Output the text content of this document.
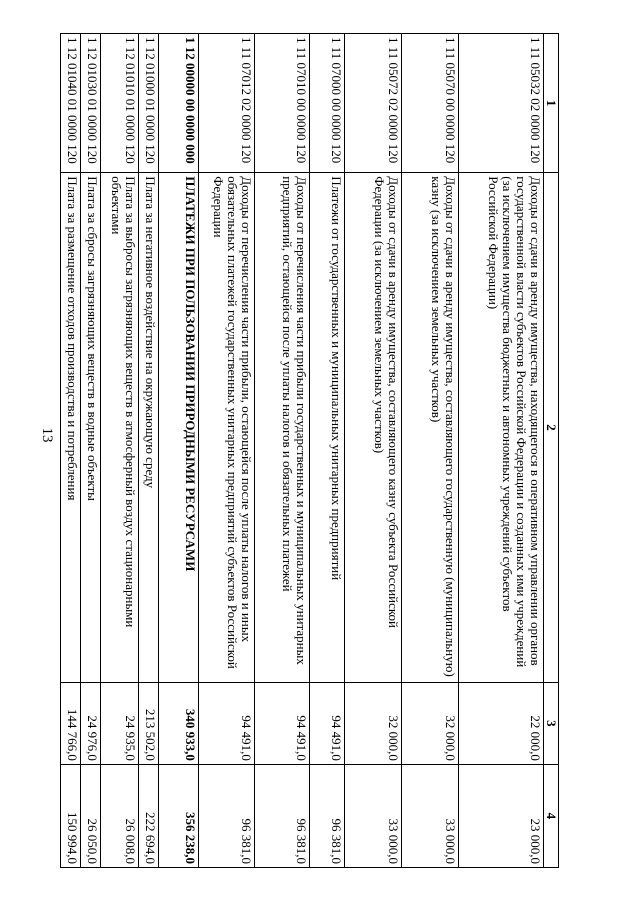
13
1	2	3	4
1 11 05032 02 0000 120	Доходы от сдачи в аренду имущества, находящегося в оперативном управлении органов государственной власти субъектов Российской Федерации и созданных ими учреждений (за исключением имущества бюджетных и автономных учреждений субъектов Российской Федерации)	22 000,0	23 000,0
1 11 05070 00 0000 120	Доходы от сдачи в аренду имущества, составляющего государственную (муниципальную) казну (за исключением земельных участков)	32 000,0	33 000,0
1 11 05072 02 0000 120	Доходы от сдачи в аренду имущества, составляющего казну субъекта Российской Федерации (за исключением земельных участков)	32 000,0	33 000,0
1 11 07000 00 0000 120	Платежи от государственных и муниципальных унитарных предприятий	94 491,0	96 381,0
1 11 07010 00 0000 120	Доходы от перечисления части прибыли государственных и муниципальных унитарных предприятий, остающейся после уплаты налогов и обязательных платежей	94 491,0	96 381,0
1 11 07012 02 0000 120	Доходы от перечисления части прибыли, остающейся после уплаты налогов и иных обязательных платежей государственных унитарных предприятий субъектов Российской Федерации	94 491,0	96 381,0
1 12 00000 00 0000 000	ПЛАТЕЖИ ПРИ ПОЛЬЗОВАНИИ ПРИРОДНЫМИ РЕСУРСАМИ	340 933,0	356 238,0
1 12 01000 01 0000 120	Плата за негативное воздействие на окружающую среду	213 502,0	222 694,0
1 12 01010 01 0000 120	Плата за выбросы загрязняющих веществ в атмосферный воздух стационарными объектами	24 935,0	26 008,0
1 12 01030 01 0000 120	Плата за сбросы загрязняющих веществ в водные объекты	24 976,0	26 050,0
1 12 01040 01 0000 120	Плата за размещение отходов производства и потребления	144 766,0	150 994,0
